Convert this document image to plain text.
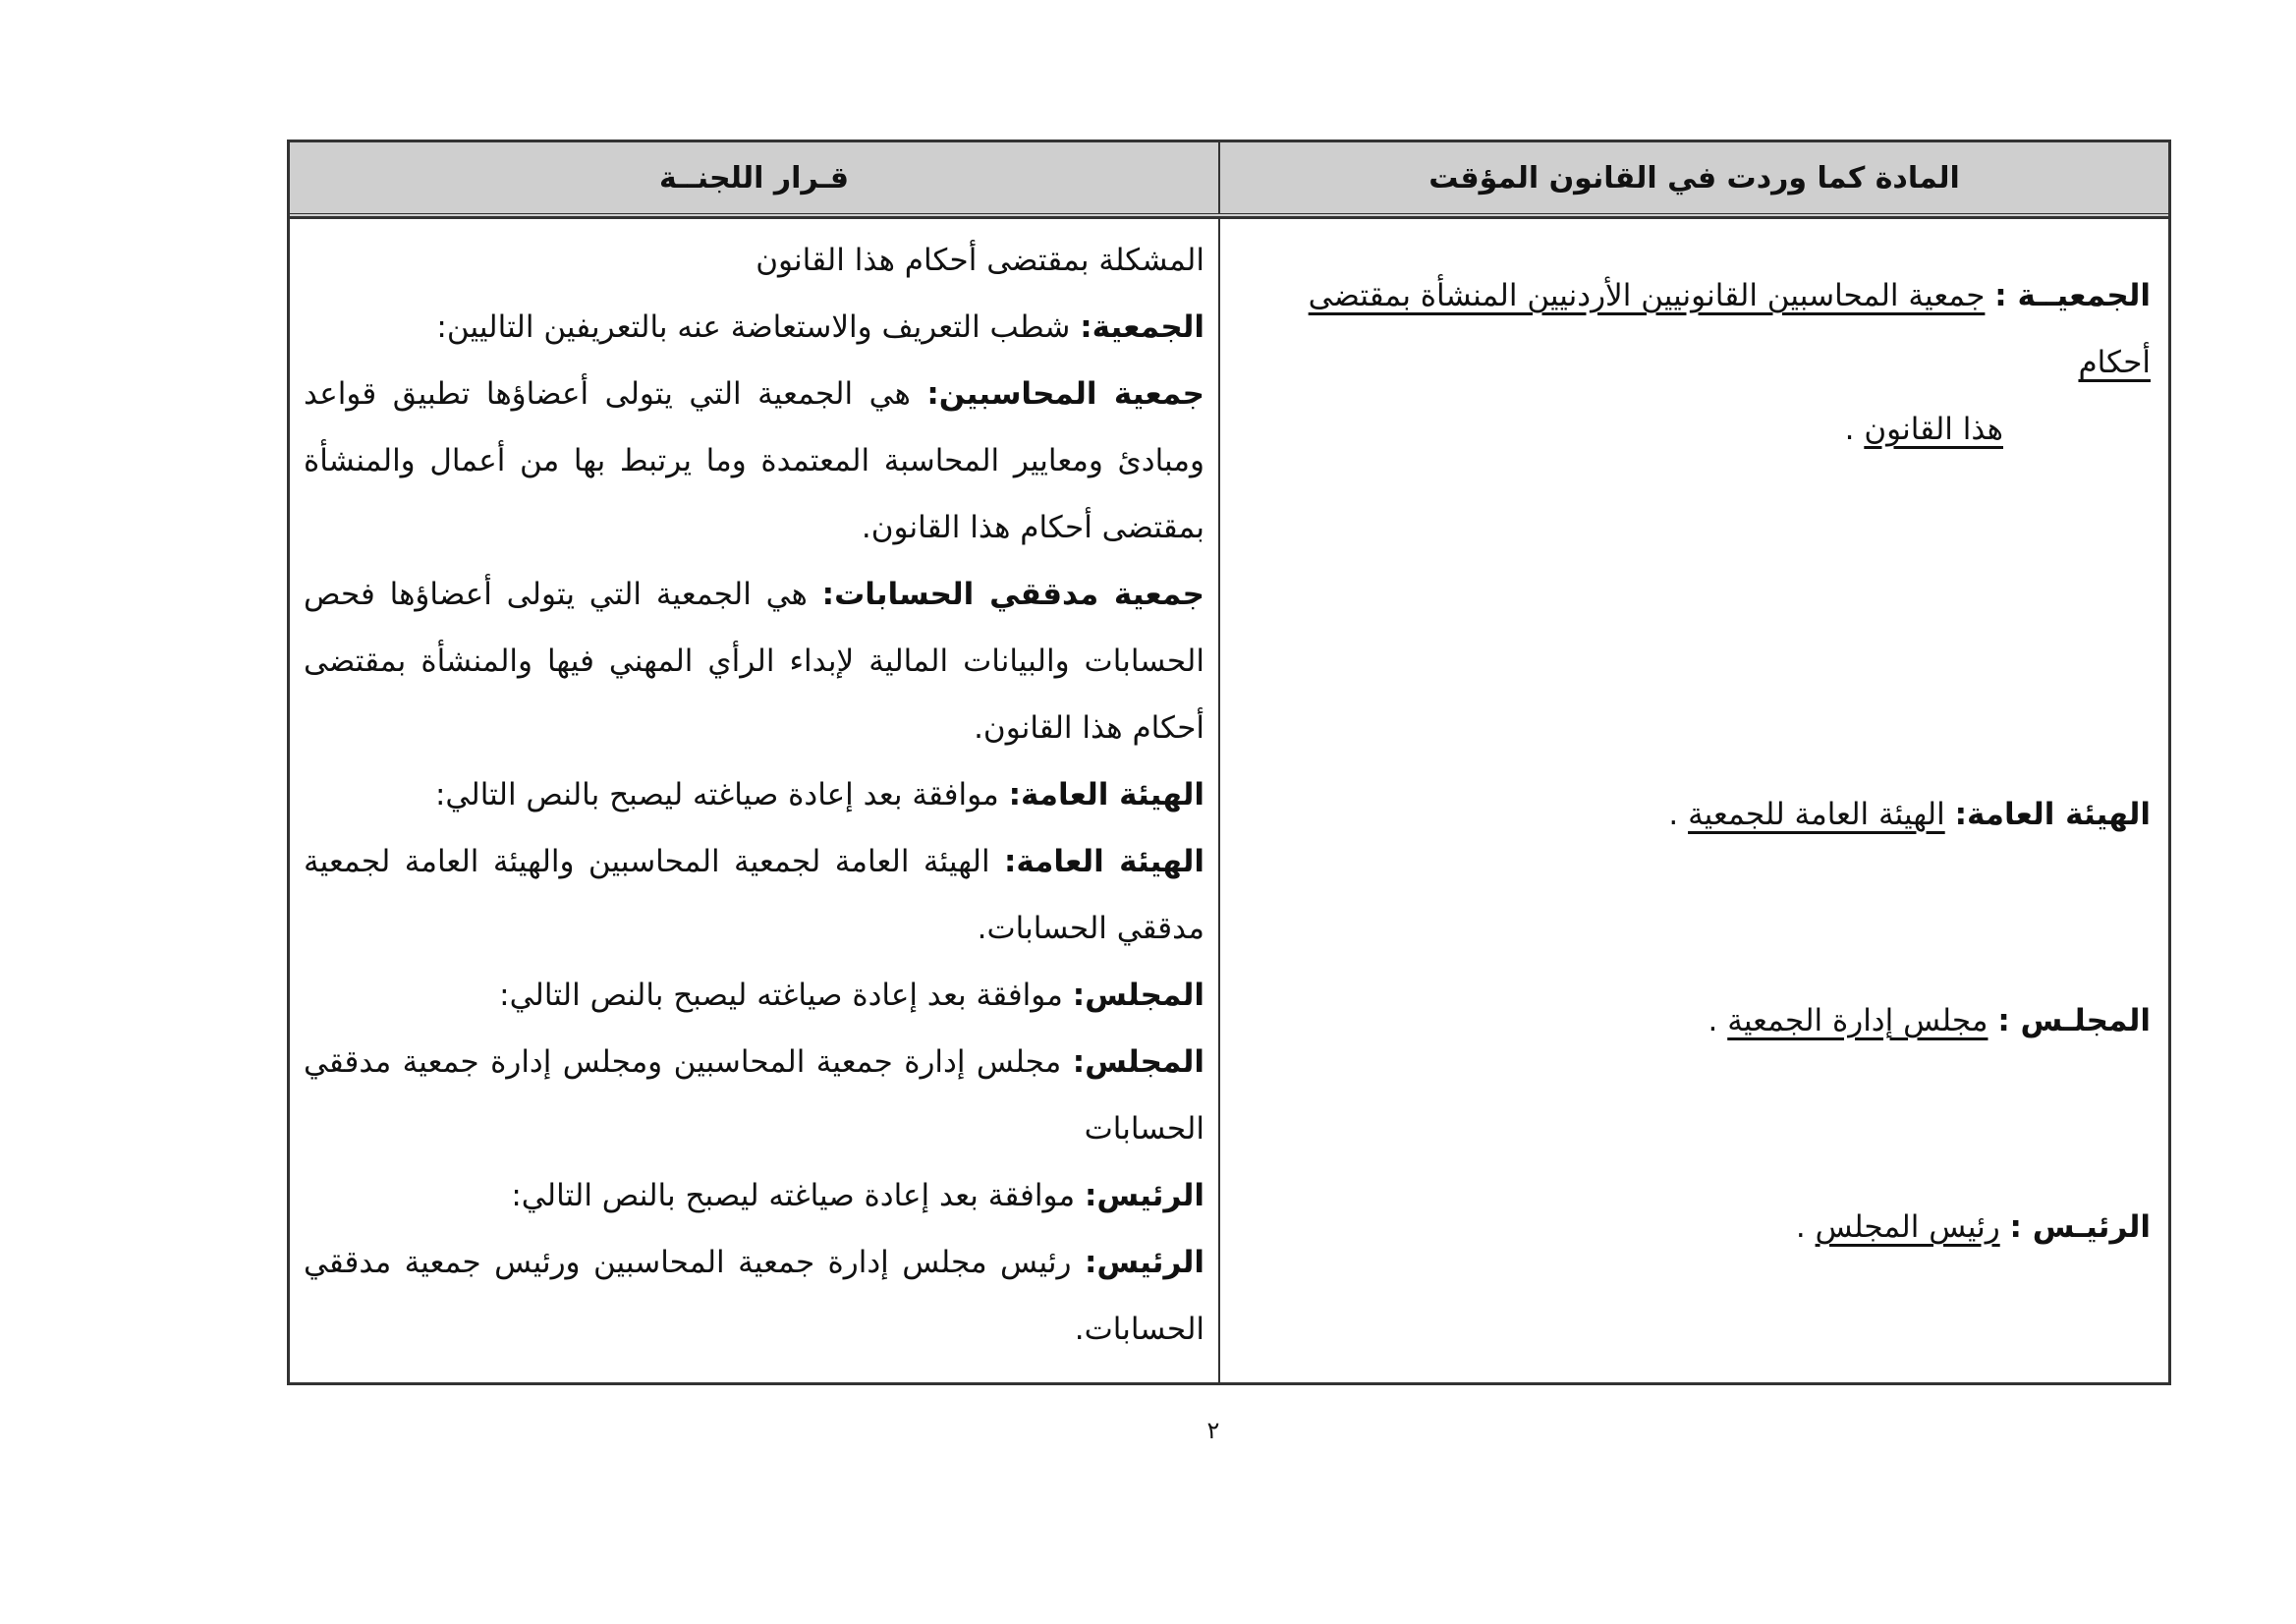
المادة كما وردت في القانون المؤقت
قـرار اللجنــة
الجمعيــة : جمعية المحاسبين القانونيين الأردنيين المنشأة بمقتضى أحكام
هذا القانون .
الهيئة العامة: الهيئة العامة للجمعية .
المجلـس : مجلس إدارة الجمعية .
الرئيـس : رئيس المجلس .

المشكلة بمقتضى أحكام هذا القانون

الجمعية: شطب التعريف والاستعاضة عنه بالتعريفين التاليين:

جمعية المحاسبين: هي الجمعية التي يتولى أعضاؤها تطبيق قواعد ومبادئ ومعايير المحاسبة المعتمدة وما يرتبط بها من أعمال والمنشأة بمقتضى أحكام هذا القانون.

جمعية مدققي الحسابات: هي الجمعية التي يتولى أعضاؤها فحص الحسابات والبيانات المالية لإبداء الرأي المهني فيها والمنشأة بمقتضى أحكام هذا القانون.

الهيئة العامة: موافقة بعد إعادة صياغته ليصبح بالنص التالي:

الهيئة العامة: الهيئة العامة لجمعية المحاسبين والهيئة العامة لجمعية مدققي الحسابات.

المجلس: موافقة بعد إعادة صياغته ليصبح بالنص التالي:

المجلس: مجلس إدارة جمعية المحاسبين ومجلس إدارة جمعية مدققي الحسابات

الرئيس: موافقة بعد إعادة صياغته ليصبح بالنص التالي:

الرئيس: رئيس مجلس إدارة جمعية المحاسبين ورئيس جمعية مدققي الحسابات.

٢
